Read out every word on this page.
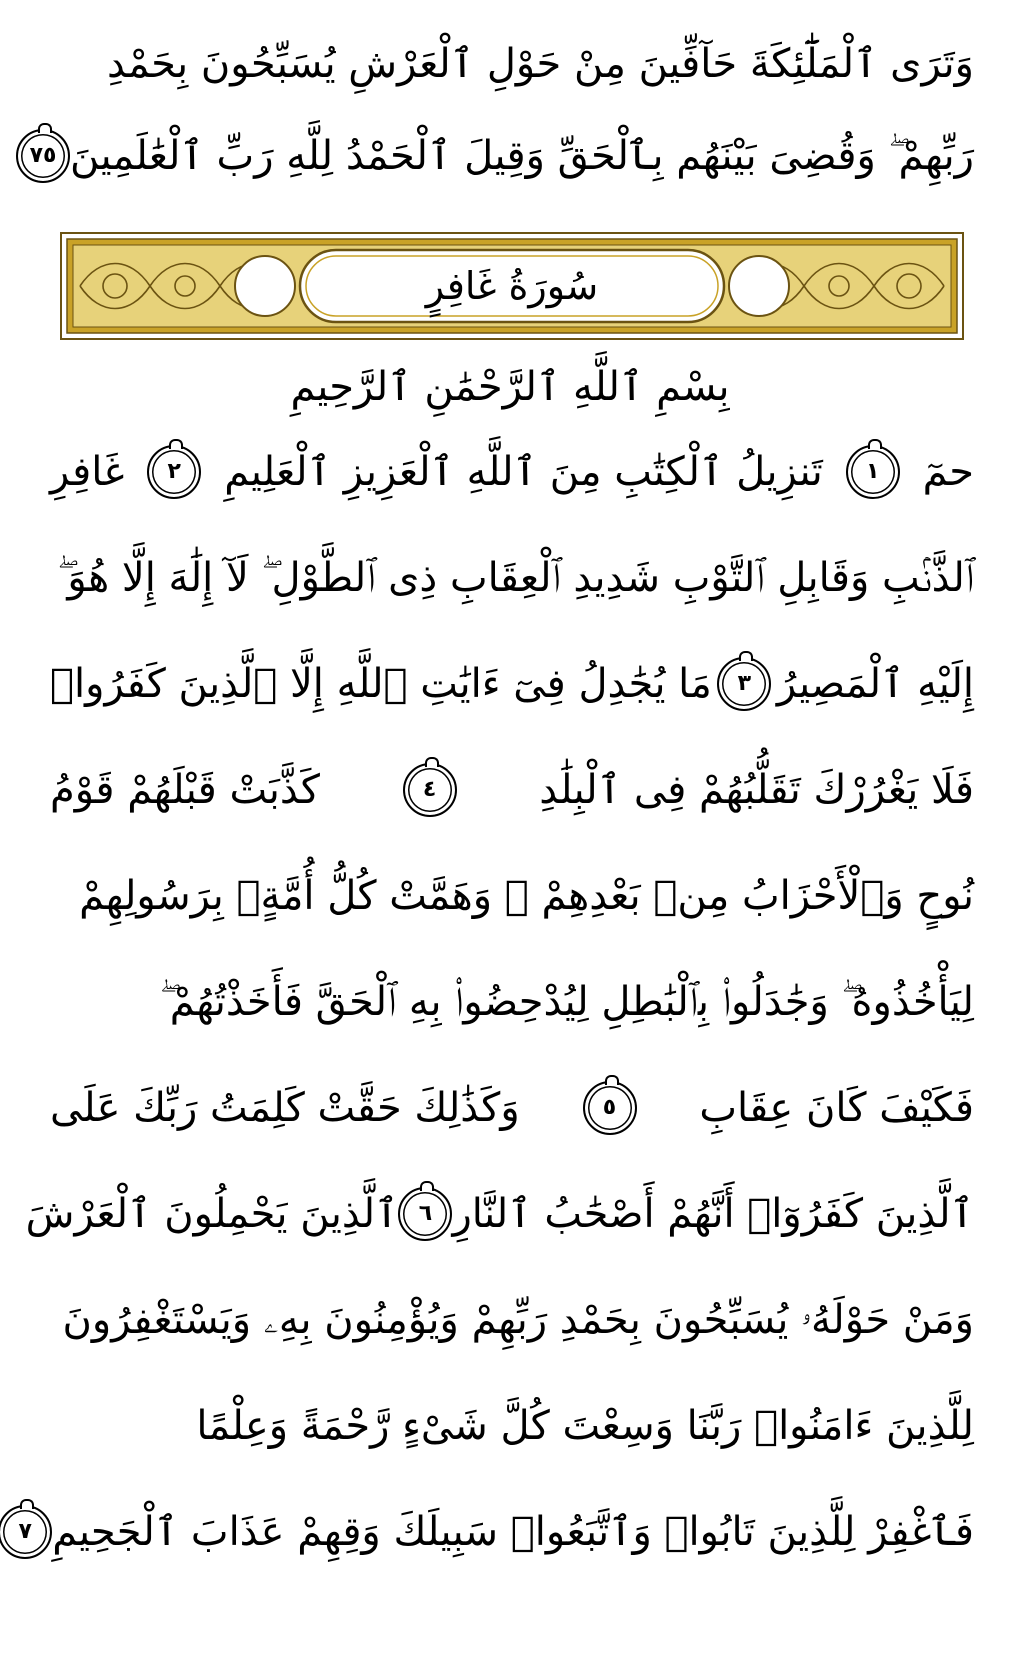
وَتَرَى ٱلْمَلَٰٓئِكَةَ حَآفِّينَ مِنْ حَوْلِ ٱلْعَرْشِ يُسَبِّحُونَ بِحَمْدِ
رَبِّهِمْ ۖ وَقُضِىَ بَيْنَهُم بِٱلْحَقِّ وَقِيلَ ٱلْحَمْدُ لِلَّهِ رَبِّ ٱلْعَٰلَمِينَ
٧٥
سُورَةُ غَافِرٍ
بِسْمِ ٱللَّهِ ٱلرَّحْمَٰنِ ٱلرَّحِيمِ
حمٓ
١
تَنزِيلُ ٱلْكِتَٰبِ مِنَ ٱللَّهِ ٱلْعَزِيزِ ٱلْعَلِيمِ
٢
غَافِرِ
ٱلذَّنۢبِ وَقَابِلِ ٱلتَّوْبِ شَدِيدِ ٱلْعِقَابِ ذِى ٱلطَّوْلِ ۖ لَآ إِلَٰهَ إِلَّا هُوَ ۖ
إِلَيْهِ ٱلْمَصِيرُ
٣
مَا يُجَٰدِلُ فِىٓ ءَايَٰتِ ٱللَّهِ إِلَّا ٱلَّذِينَ كَفَرُوا۟
فَلَا يَغْرُرْكَ تَقَلُّبُهُمْ فِى ٱلْبِلَٰدِ
٤
كَذَّبَتْ قَبْلَهُمْ قَوْمُ
نُوحٍ وَٱلْأَحْزَابُ مِنۢ بَعْدِهِمْ ۖ وَهَمَّتْ كُلُّ أُمَّةٍۭ بِرَسُولِهِمْ
لِيَأْخُذُوهُ ۖ وَجَٰدَلُوا۟ بِٱلْبَٰطِلِ لِيُدْحِضُوا۟ بِهِ ٱلْحَقَّ فَأَخَذْتُهُمْ ۖ
فَكَيْفَ كَانَ عِقَابِ
٥
وَكَذَٰلِكَ حَقَّتْ كَلِمَتُ رَبِّكَ عَلَى
ٱلَّذِينَ كَفَرُوٓا۟ أَنَّهُمْ أَصْحَٰبُ ٱلنَّارِ
٦
ٱلَّذِينَ يَحْمِلُونَ ٱلْعَرْشَ
وَمَنْ حَوْلَهُۥ يُسَبِّحُونَ بِحَمْدِ رَبِّهِمْ وَيُؤْمِنُونَ بِهِۦ وَيَسْتَغْفِرُونَ
لِلَّذِينَ ءَامَنُوا۟ رَبَّنَا وَسِعْتَ كُلَّ شَىْءٍ رَّحْمَةً وَعِلْمًا
فَٱغْفِرْ لِلَّذِينَ تَابُوا۟ وَٱتَّبَعُوا۟ سَبِيلَكَ وَقِهِمْ عَذَابَ ٱلْجَحِيمِ
٧
